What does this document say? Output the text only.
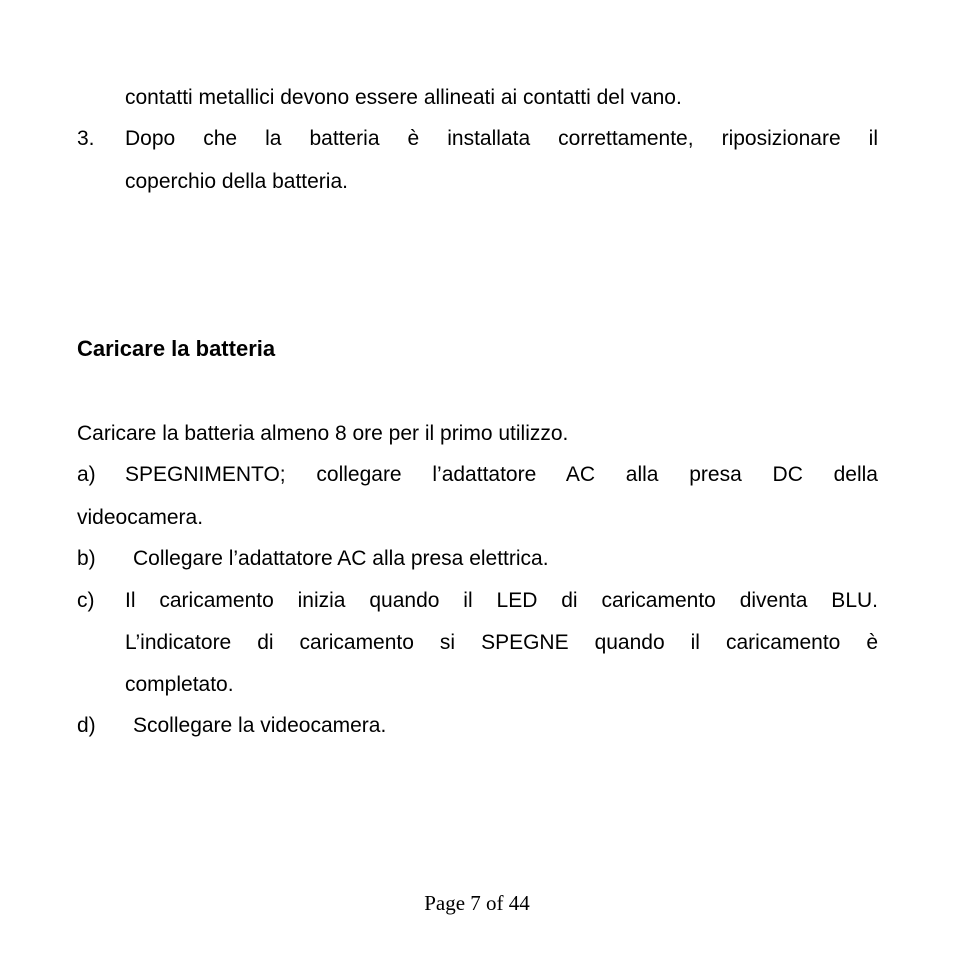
contatti metallici devono essere allineati ai contatti del vano.
3. Dopo che la batteria è installata correttamente, riposizionare il
coperchio della batteria.
Caricare la batteria
Caricare la batteria almeno 8 ore per il primo utilizzo.
a) SPEGNIMENTO; collegare l’adattatore AC alla presa DC della
videocamera.
b) Collegare l’adattatore AC alla presa elettrica.
c) Il caricamento inizia quando il LED di caricamento diventa BLU.
L’indicatore di caricamento si SPEGNE quando il caricamento è
completato.
d) Scollegare la videocamera.
Page 7 of 44
